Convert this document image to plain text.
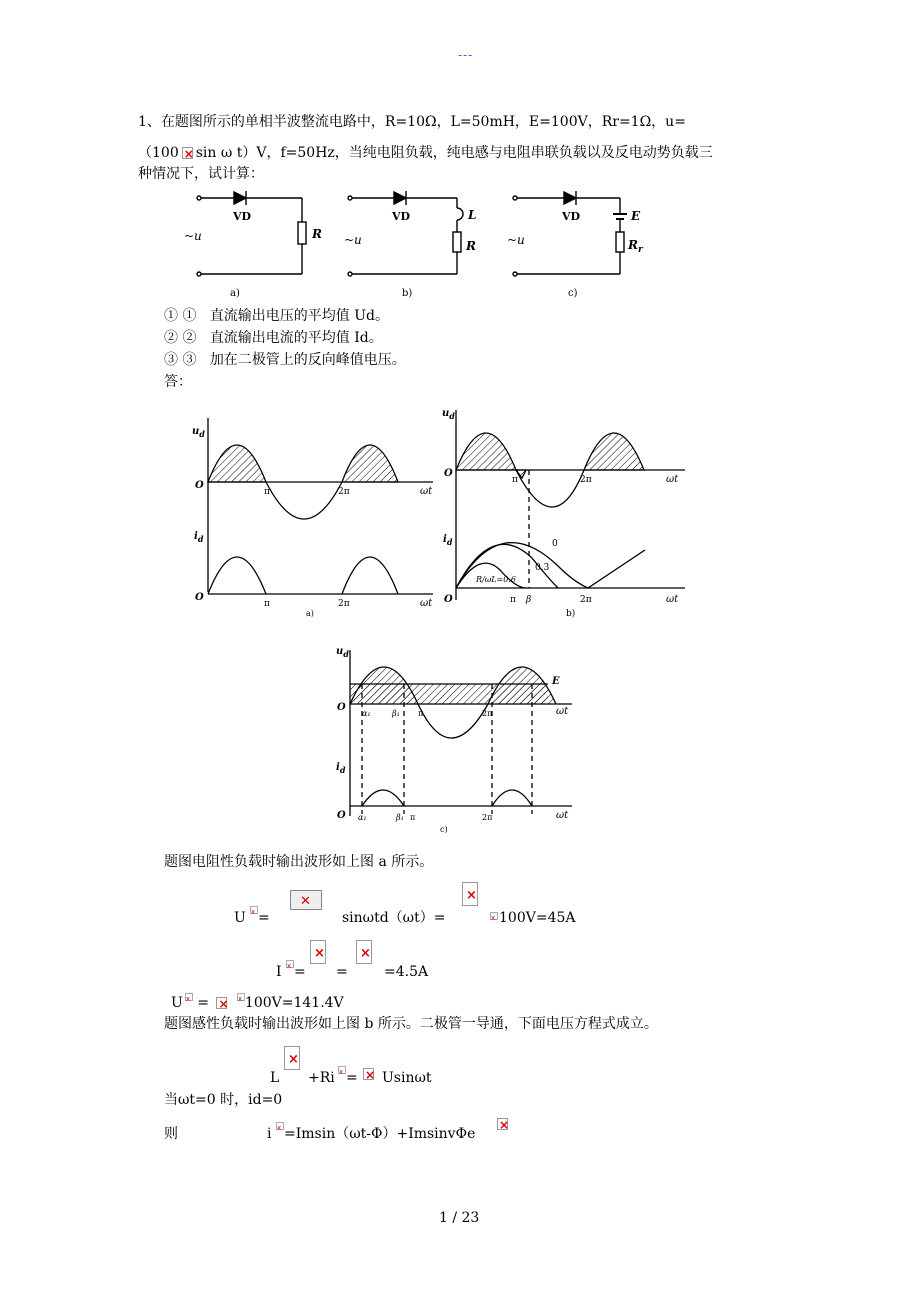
---
1、在题图所示的单相半波整流电路中，R=10Ω，L=50mH，E=100V，Rr=1Ω，u=
（100 × sin ω t）V，f=50Hz，当纯电阻负载，纯电感与电阻串联负载以及反电动势负载三
种情况下，试计算：
VD
~u	R
a)
VD
~u
L
R
b)
VD
~u
E
$R_r$
c)
① ① 直流输出电压的平均值 Ud。
② ② 直流输出电流的平均值 Id。
③ ③ 加在二极管上的反向峰值电压。
答：
$u_d$
O
π	2π	ωt
$i_d$
O
π	2π	ωt
a)
$u_d$
O
π	2π	ωt
$i_d$	0
0.3
R/ωL=0.6
O	π β	2π	ωt
b)
$u_d$
E
O
α₁	β₁ π	2π	ωt
$i_d$
O α₁	β₁ π	2π	ωt
c)
题图电阻性负载时输出波形如上图 a 所示。
U x =
✕	sinωtd（ωt）=
× x	100V=45A
I x =
× =
×	=4.5A
U x = × x	100V=141.4V
题图感性负载时输出波形如上图 b 所示。二极管一导通，下面电压方程式成立。
L
× +Ri x = × Usinωt
当ωt=0 时，id=0
则	i x =Imsin（ωt-Φ）+ImsinvΦe
×
1 / 23
